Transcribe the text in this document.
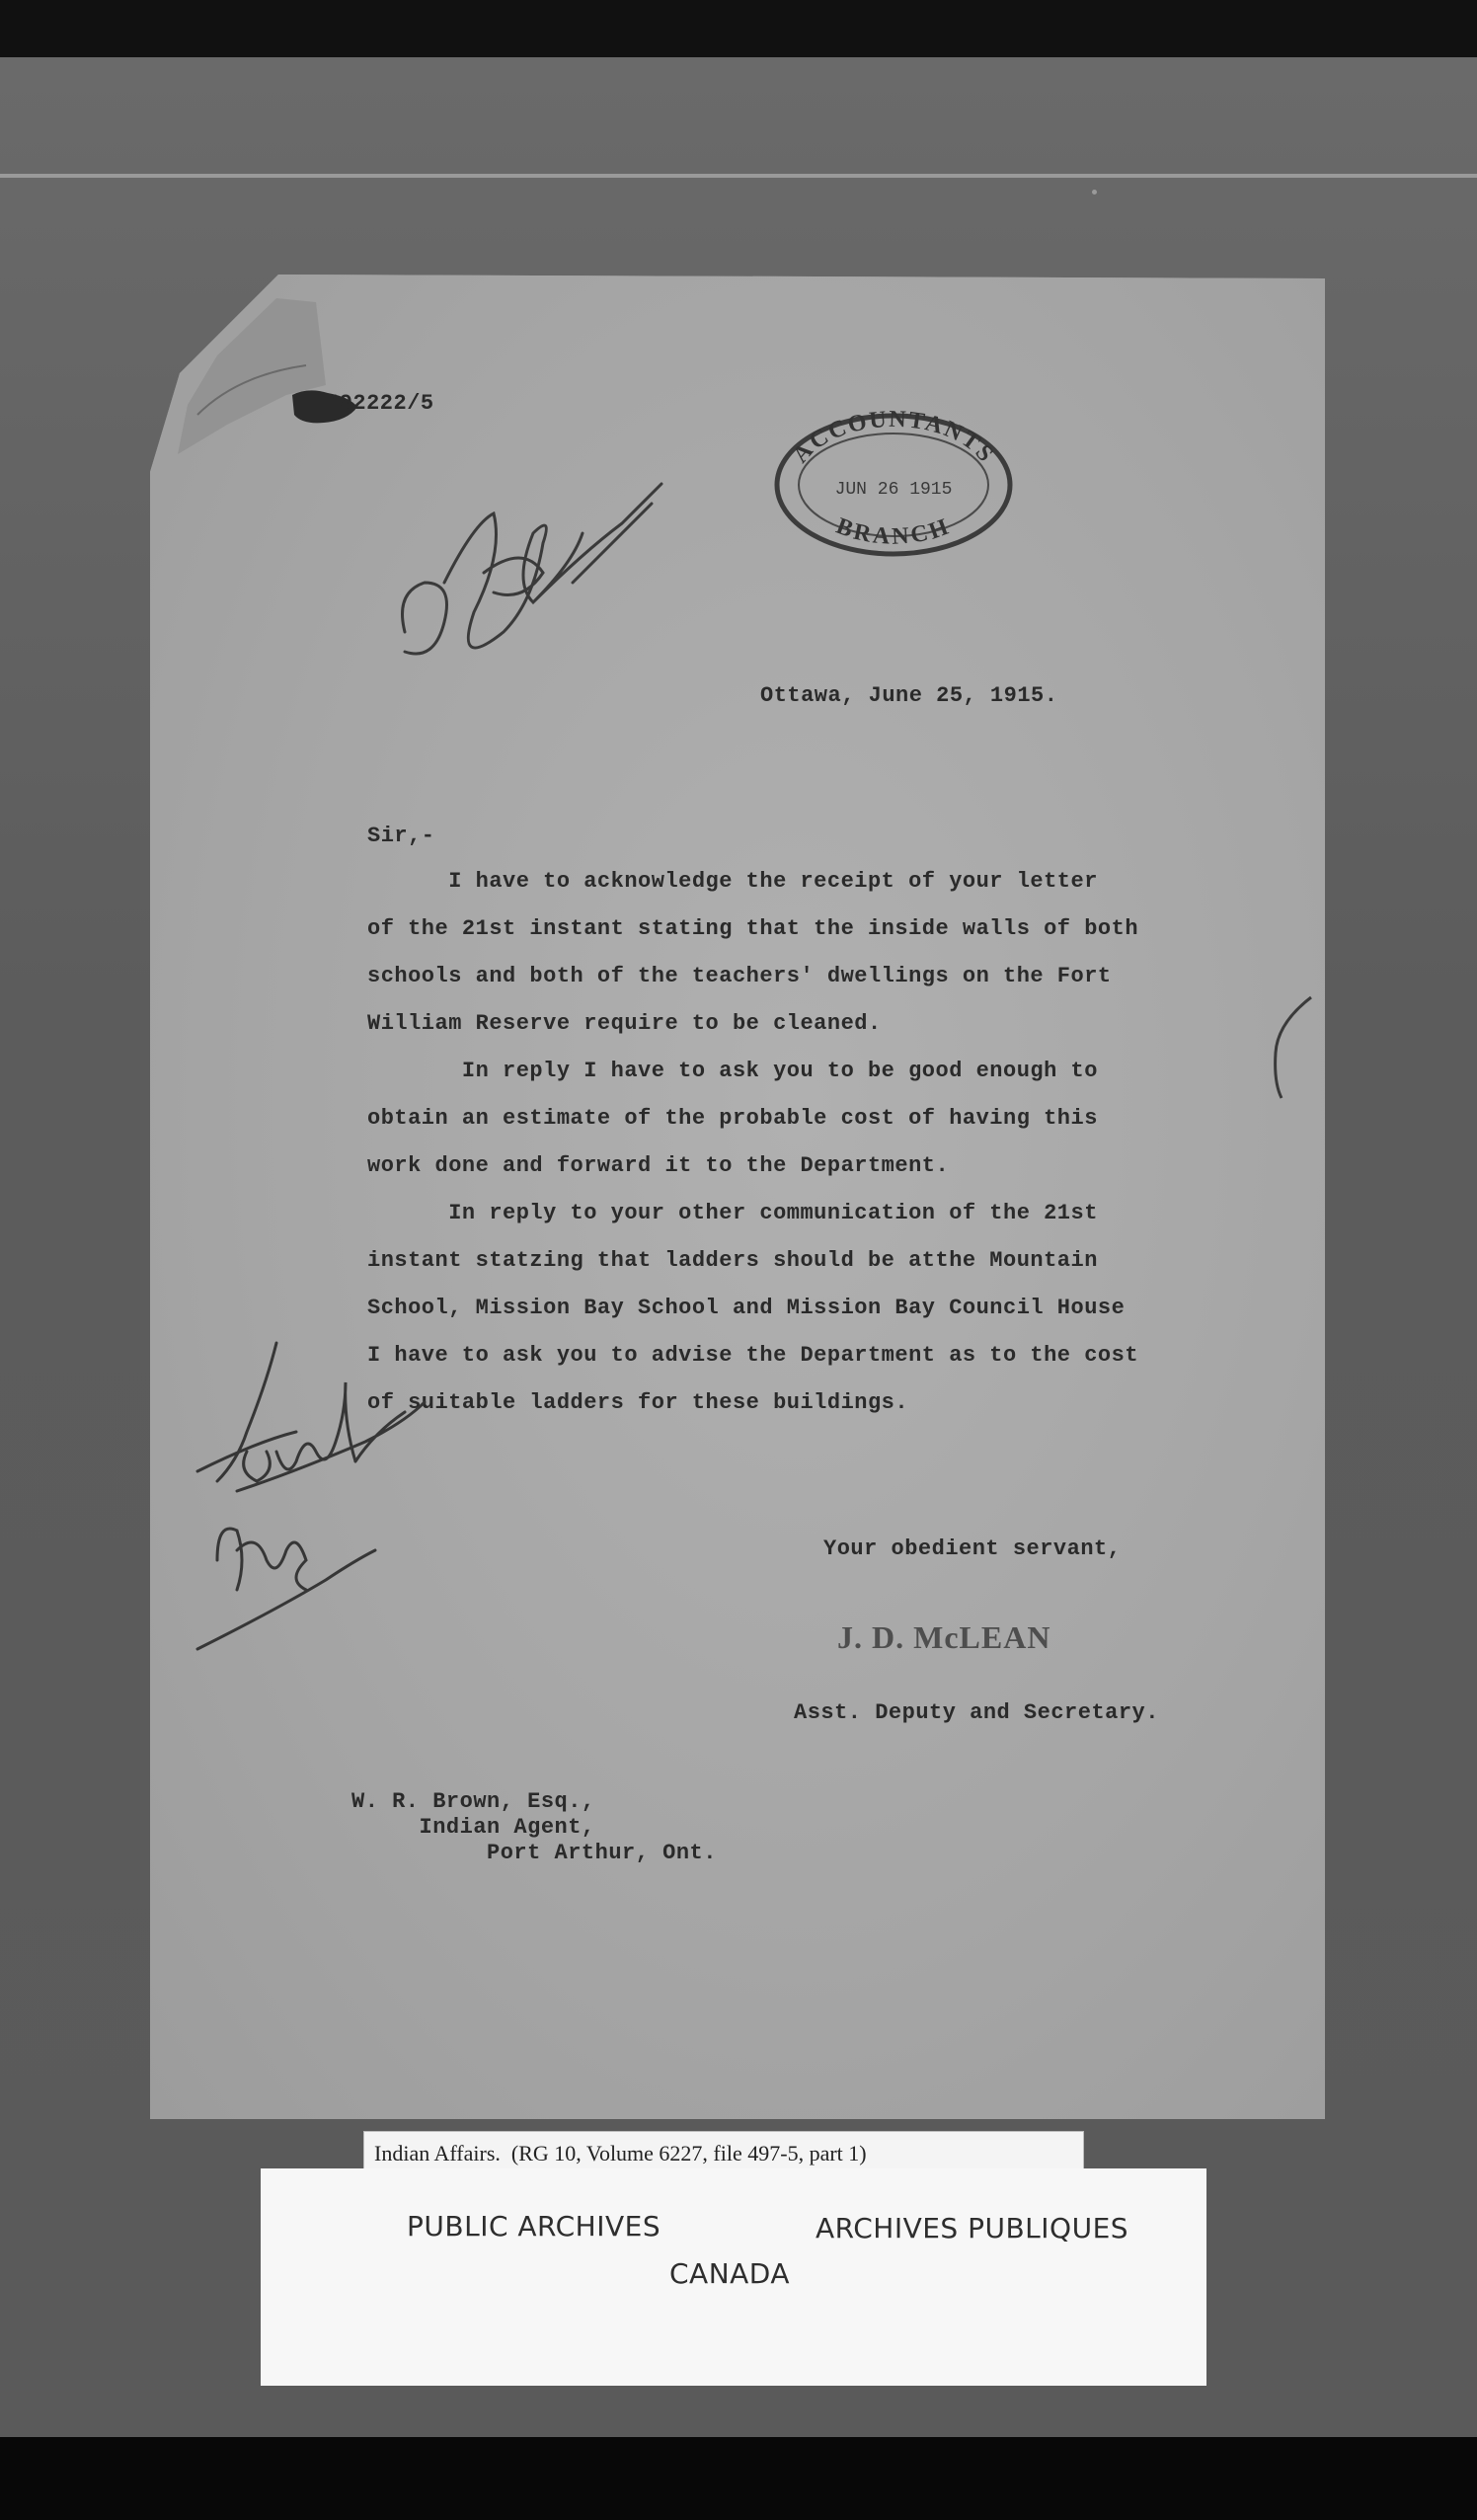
492222/5
ACCOUNTANTS
JUN 26 1915
BRANCH
Ottawa, June 25, 1915.
Sir,-
I have to acknowledge the receipt of your letter
of the 21st instant stating that the inside walls of both
schools and both of the teachers' dwellings on the Fort
William Reserve require to be cleaned.
In reply I have to ask you to be good enough to
obtain an estimate of the probable cost of having this
work done and forward it to the Department.
In reply to your other communication of the 21st
instant statzing that ladders should be atthe Mountain
School, Mission Bay School and Mission Bay Council House
I have to ask you to advise the Department as to the cost
of suitable ladders for these buildings.
Your obedient servant,
J. D. McLEAN
Asst. Deputy and Secretary.
W. R. Brown, Esq.,
Indian Agent,
Port Arthur, Ont.
Indian Affairs.  (RG 10, Volume 6227, file 497-5, part 1)
PUBLIC ARCHIVES	ARCHIVES PUBLIQUES
CANADA
